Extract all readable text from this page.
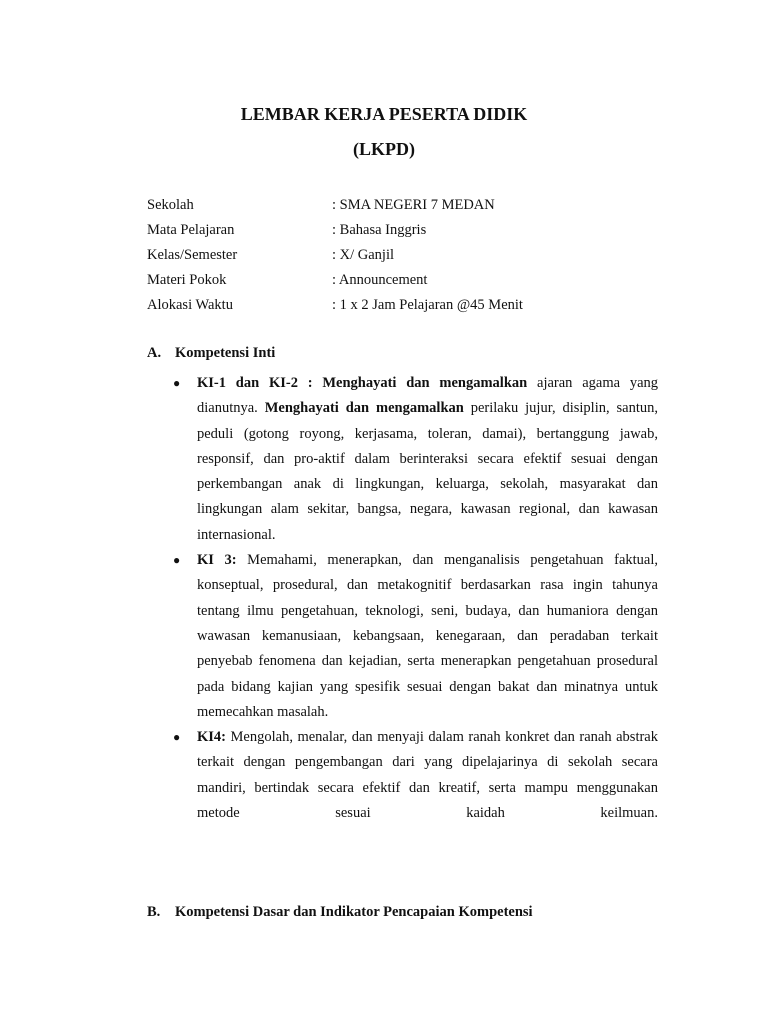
LEMBAR KERJA PESERTA DIDIK
(LKPD)
Sekolah	: SMA NEGERI 7 MEDAN
Mata Pelajaran	: Bahasa Inggris
Kelas/Semester	: X/ Ganjil
Materi Pokok	: Announcement
Alokasi Waktu	: 1 x 2 Jam Pelajaran @45 Menit
A. Kompetensi Inti
● KI-1 dan KI-2 : Menghayati dan mengamalkan ajaran agama yang dianutnya. Menghayati dan mengamalkan perilaku jujur, disiplin, santun, peduli (gotong royong, kerjasama, toleran, damai), bertanggung jawab, responsif, dan pro-aktif dalam berinteraksi secara efektif sesuai dengan perkembangan anak di lingkungan, keluarga, sekolah, masyarakat dan lingkungan alam sekitar, bangsa, negara, kawasan regional, dan kawasan internasional.
● KI 3: Memahami, menerapkan, dan menganalisis pengetahuan faktual, konseptual, prosedural, dan metakognitif berdasarkan rasa ingin tahunya tentang ilmu pengetahuan, teknologi, seni, budaya, dan humaniora dengan wawasan kemanusiaan, kebangsaan, kenegaraan, dan peradaban terkait penyebab fenomena dan kejadian, serta menerapkan pengetahuan prosedural pada bidang kajian yang spesifik sesuai dengan bakat dan minatnya untuk memecahkan masalah.
● KI4: Mengolah, menalar, dan menyaji dalam ranah konkret dan ranah abstrak terkait dengan pengembangan dari yang dipelajarinya di sekolah secara mandiri, bertindak secara efektif dan kreatif, serta mampu menggunakan metode sesuai kaidah keilmuan.
B. Kompetensi Dasar dan Indikator Pencapaian Kompetensi
